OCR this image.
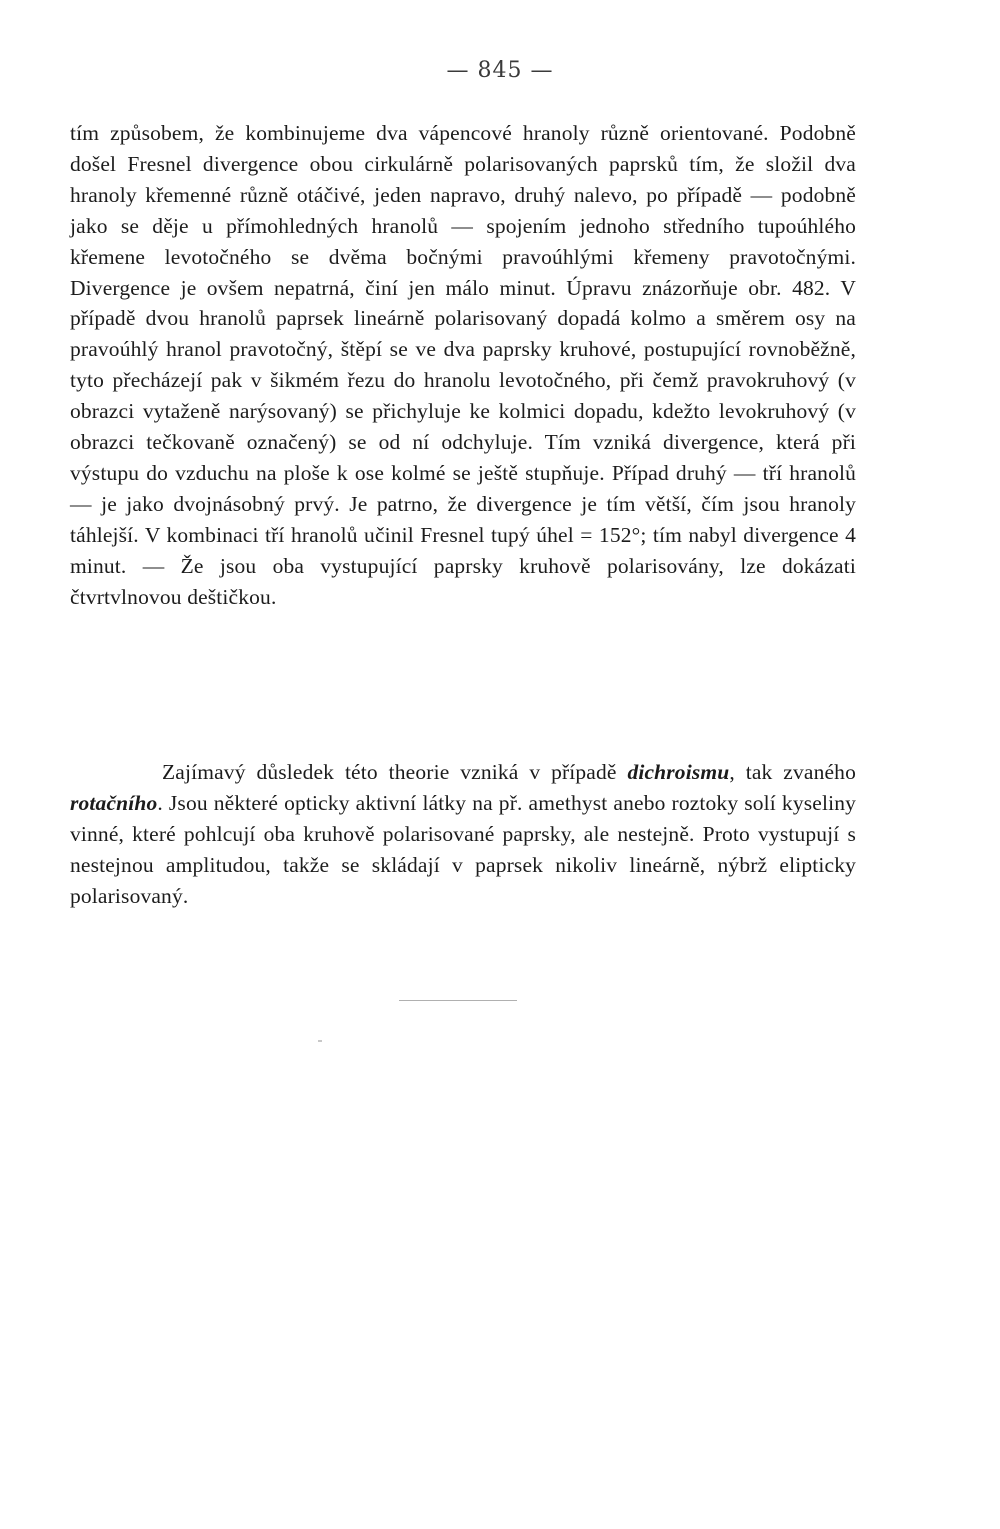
— 845 —
tím způsobem, že kombinujeme dva vápencové hranoly různě orientované. Podobně došel Fresnel divergence obou cirkulárně polarisovaných paprsků tím, že složil dva hranoly křemenné různě otáčivé, jeden napravo, druhý nalevo, po případě — podobně jako se děje u přímohledných hranolů — spojením jednoho středního tupoúhlého křemene levotočného se dvěma bočnými pravoúhlými křemeny pravotočnými. Divergence je ovšem nepatrná, činí jen málo minut. Úpravu znázorňuje obr. 482. V případě dvou hranolů paprsek lineárně polarisovaný dopadá kolmo a směrem osy na pravoúhlý hranol pravotočný, štěpí se ve dva paprsky kruhové, postupující rovnoběžně, tyto přecházejí pak v šikmém řezu do hranolu levotočného, při čemž pravokruhový (v obrazci vytaženě narýsovaný) se přichyluje ke kolmici dopadu, kdežto levokruhový (v obrazci tečkovaně označený) se od ní odchyluje. Tím vzniká divergence, která při výstupu do vzduchu na ploše k ose kolmé se ještě stupňuje. Případ druhý — tří hranolů — je jako dvojnásobný prvý. Je patrno, že divergence je tím větší, čím jsou hranoly táhlejší. V kombinaci tří hranolů učinil Fresnel tupý úhel = 152°; tím nabyl divergence 4 minut. — Že jsou oba vystupující paprsky kruhově polarisovány, lze dokázati čtvrtvlnovou deštičkou.
Zajímavý důsledek této theorie vzniká v případě dichroismu, tak zvaného rotačního. Jsou některé opticky aktivní látky na př. amethyst anebo roztoky solí kyseliny vinné, které pohlcují oba kruhově polarisované paprsky, ale nestejně. Proto vystupují s nestejnou amplitudou, takže se skládají v paprsek nikoliv lineárně, nýbrž elipticky polarisovaný.
